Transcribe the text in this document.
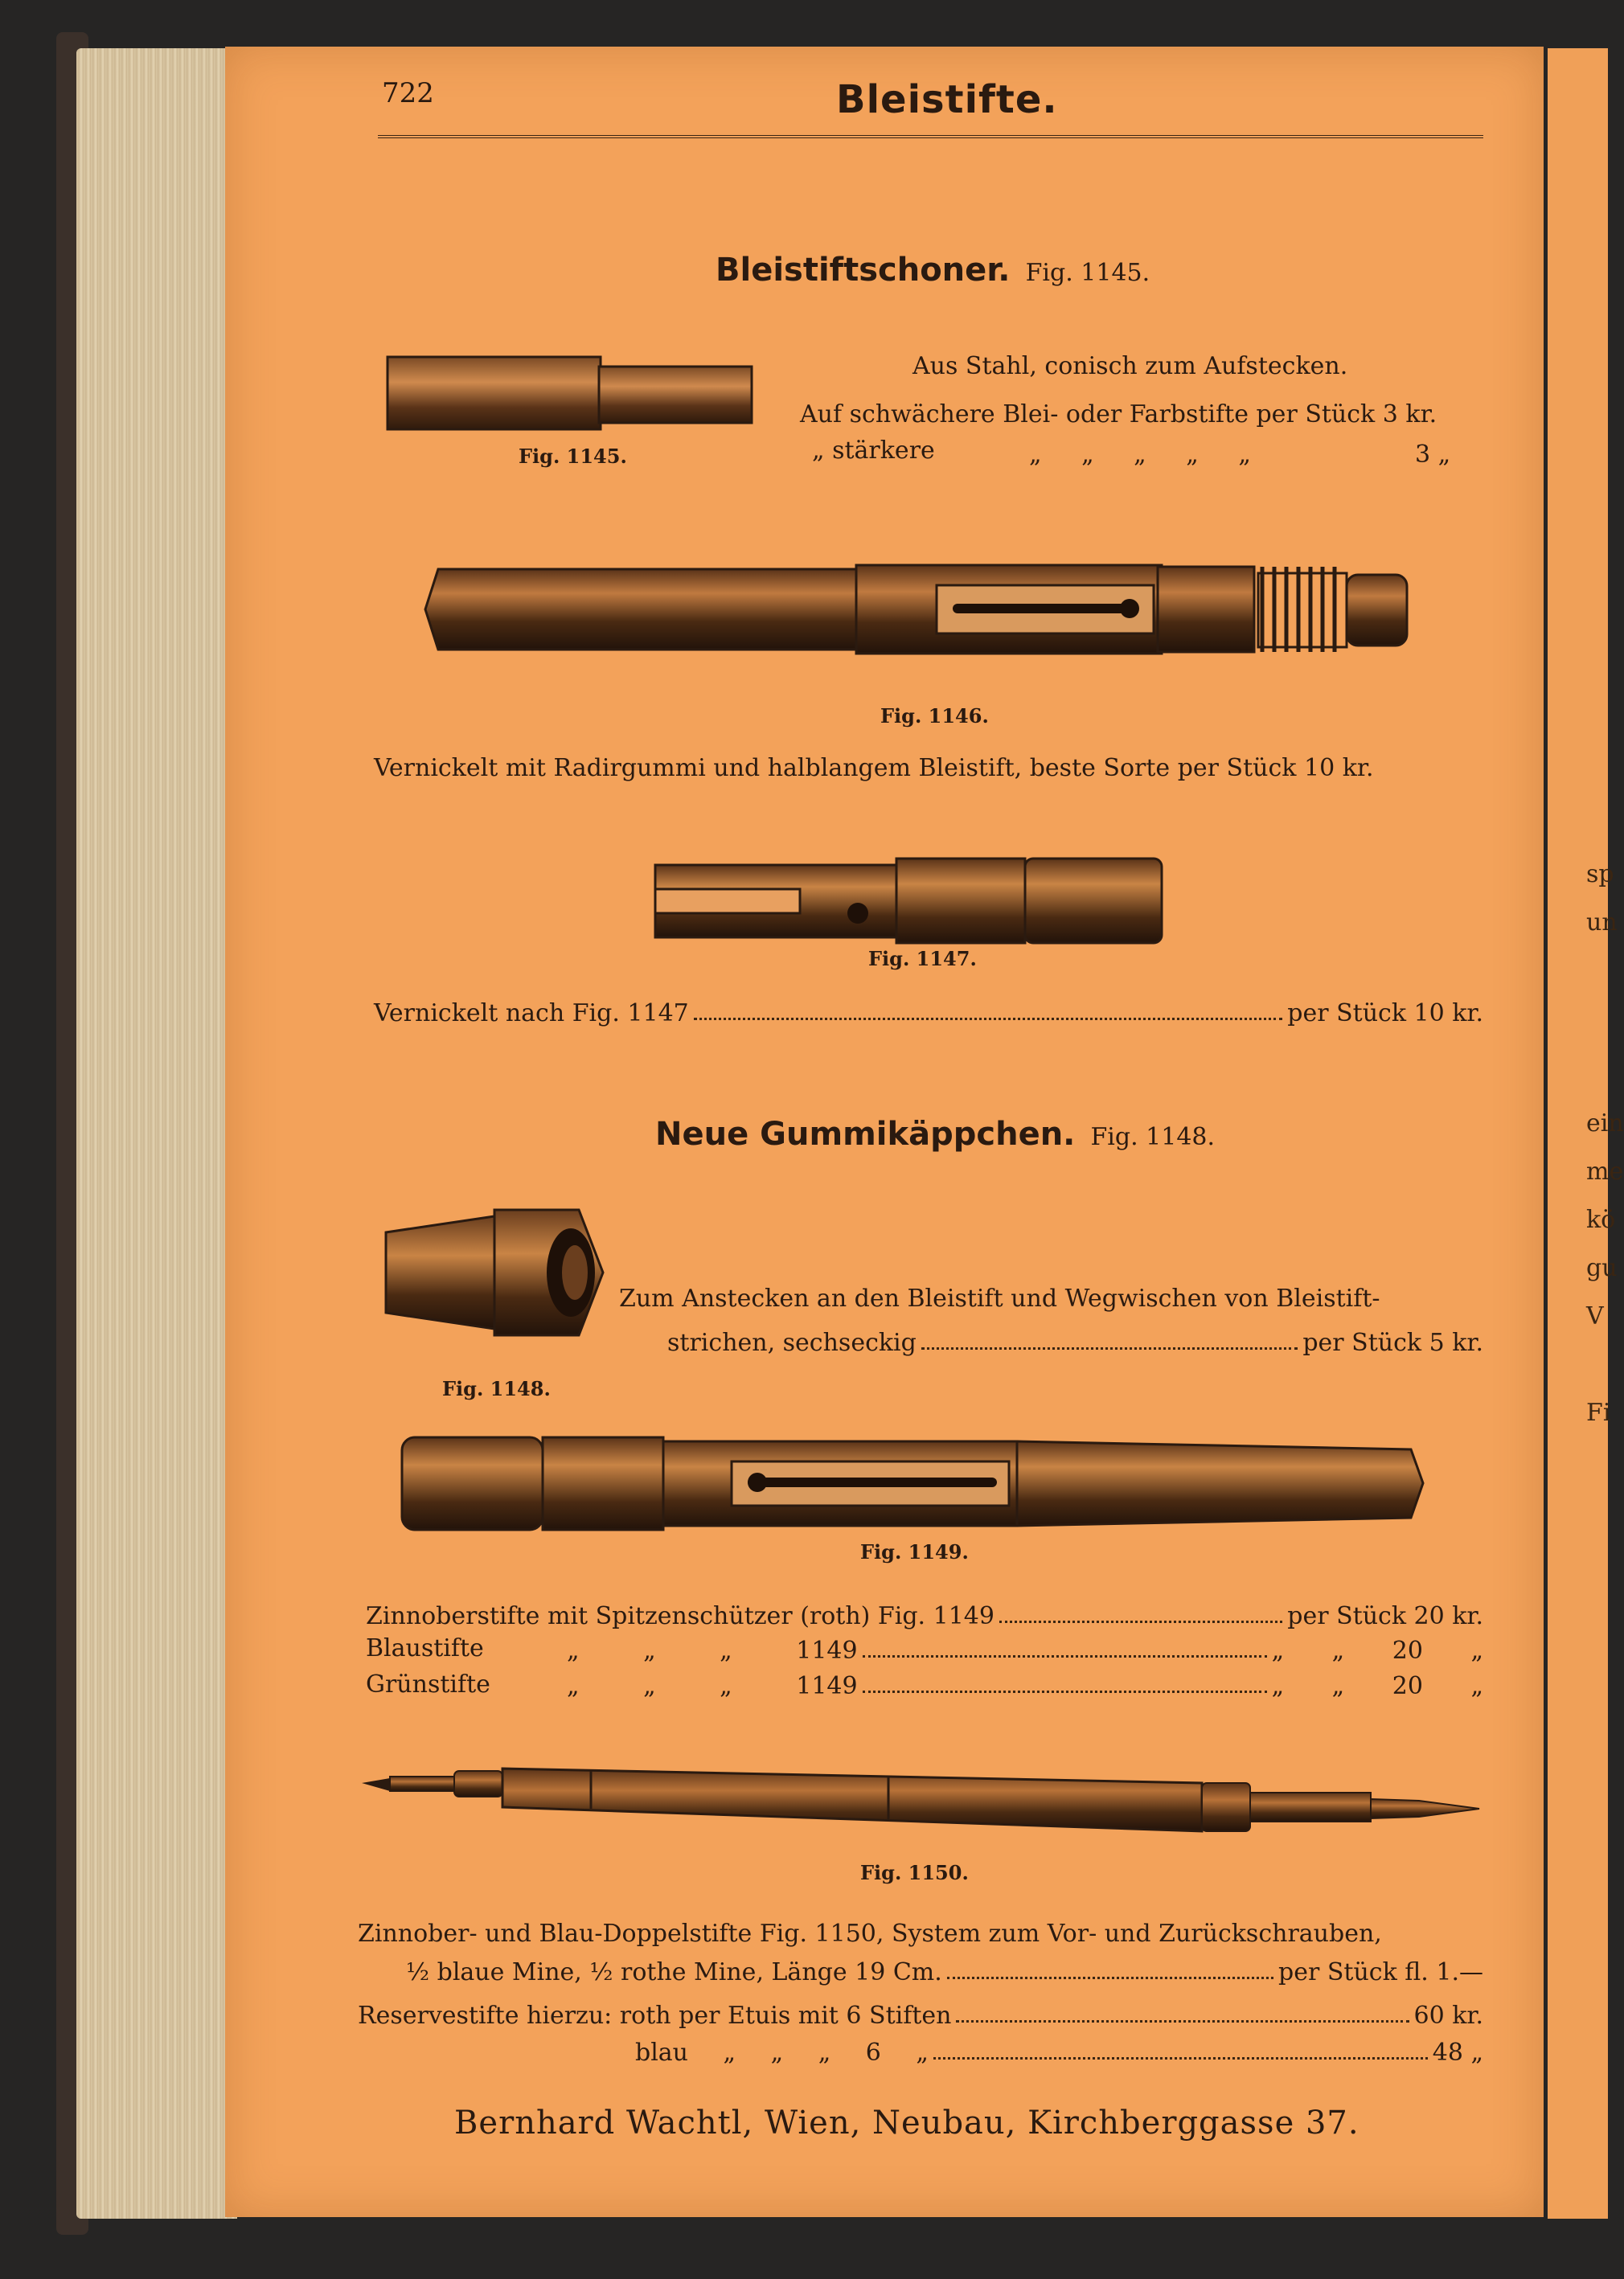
sp
un
ein
me
kö
gu
V
Fi
722	Bleistifte.
Bleistiftschoner. Fig. 1145.
Fig. 1145.
Aus Stahl, conisch zum Aufstecken.
Auf schwächere Blei- oder Farbstifte per Stück 3 kr.
„ stärkere	„ „ „ „ „	3 „
Fig. 1146.
Vernickelt mit Radirgummi und halblangem Bleistift, beste Sorte per Stück 10 kr.
Fig. 1147.
Vernickelt nach Fig. 1147	per Stück 10 kr.
Neue Gummikäppchen. Fig. 1148.
Fig. 1148.
Zum Anstecken an den Bleistift und Wegwischen von Bleistift-
strichen, sechseckig	per Stück 5 kr.
Fig. 1149.
Zinnoberstifte mit Spitzenschützer (roth) Fig. 1149	per Stück 20 kr.
Blaustifte	„ „ „ 1149	„ „ 20 „
Grünstifte	„ „ „ 1149	„ „ 20 „
Fig. 1150.
Zinnober- und Blau-Doppelstifte Fig. 1150, System zum Vor- und Zurückschrauben,
½ blaue Mine, ½ rothe Mine, Länge 19 Cm.	per Stück fl. 1.—
Reservestifte hierzu: roth per Etuis mit 6 Stiften	60 kr.
blau „ „ „ 6 „	48 „
Bernhard Wachtl, Wien, Neubau, Kirchberggasse 37.
